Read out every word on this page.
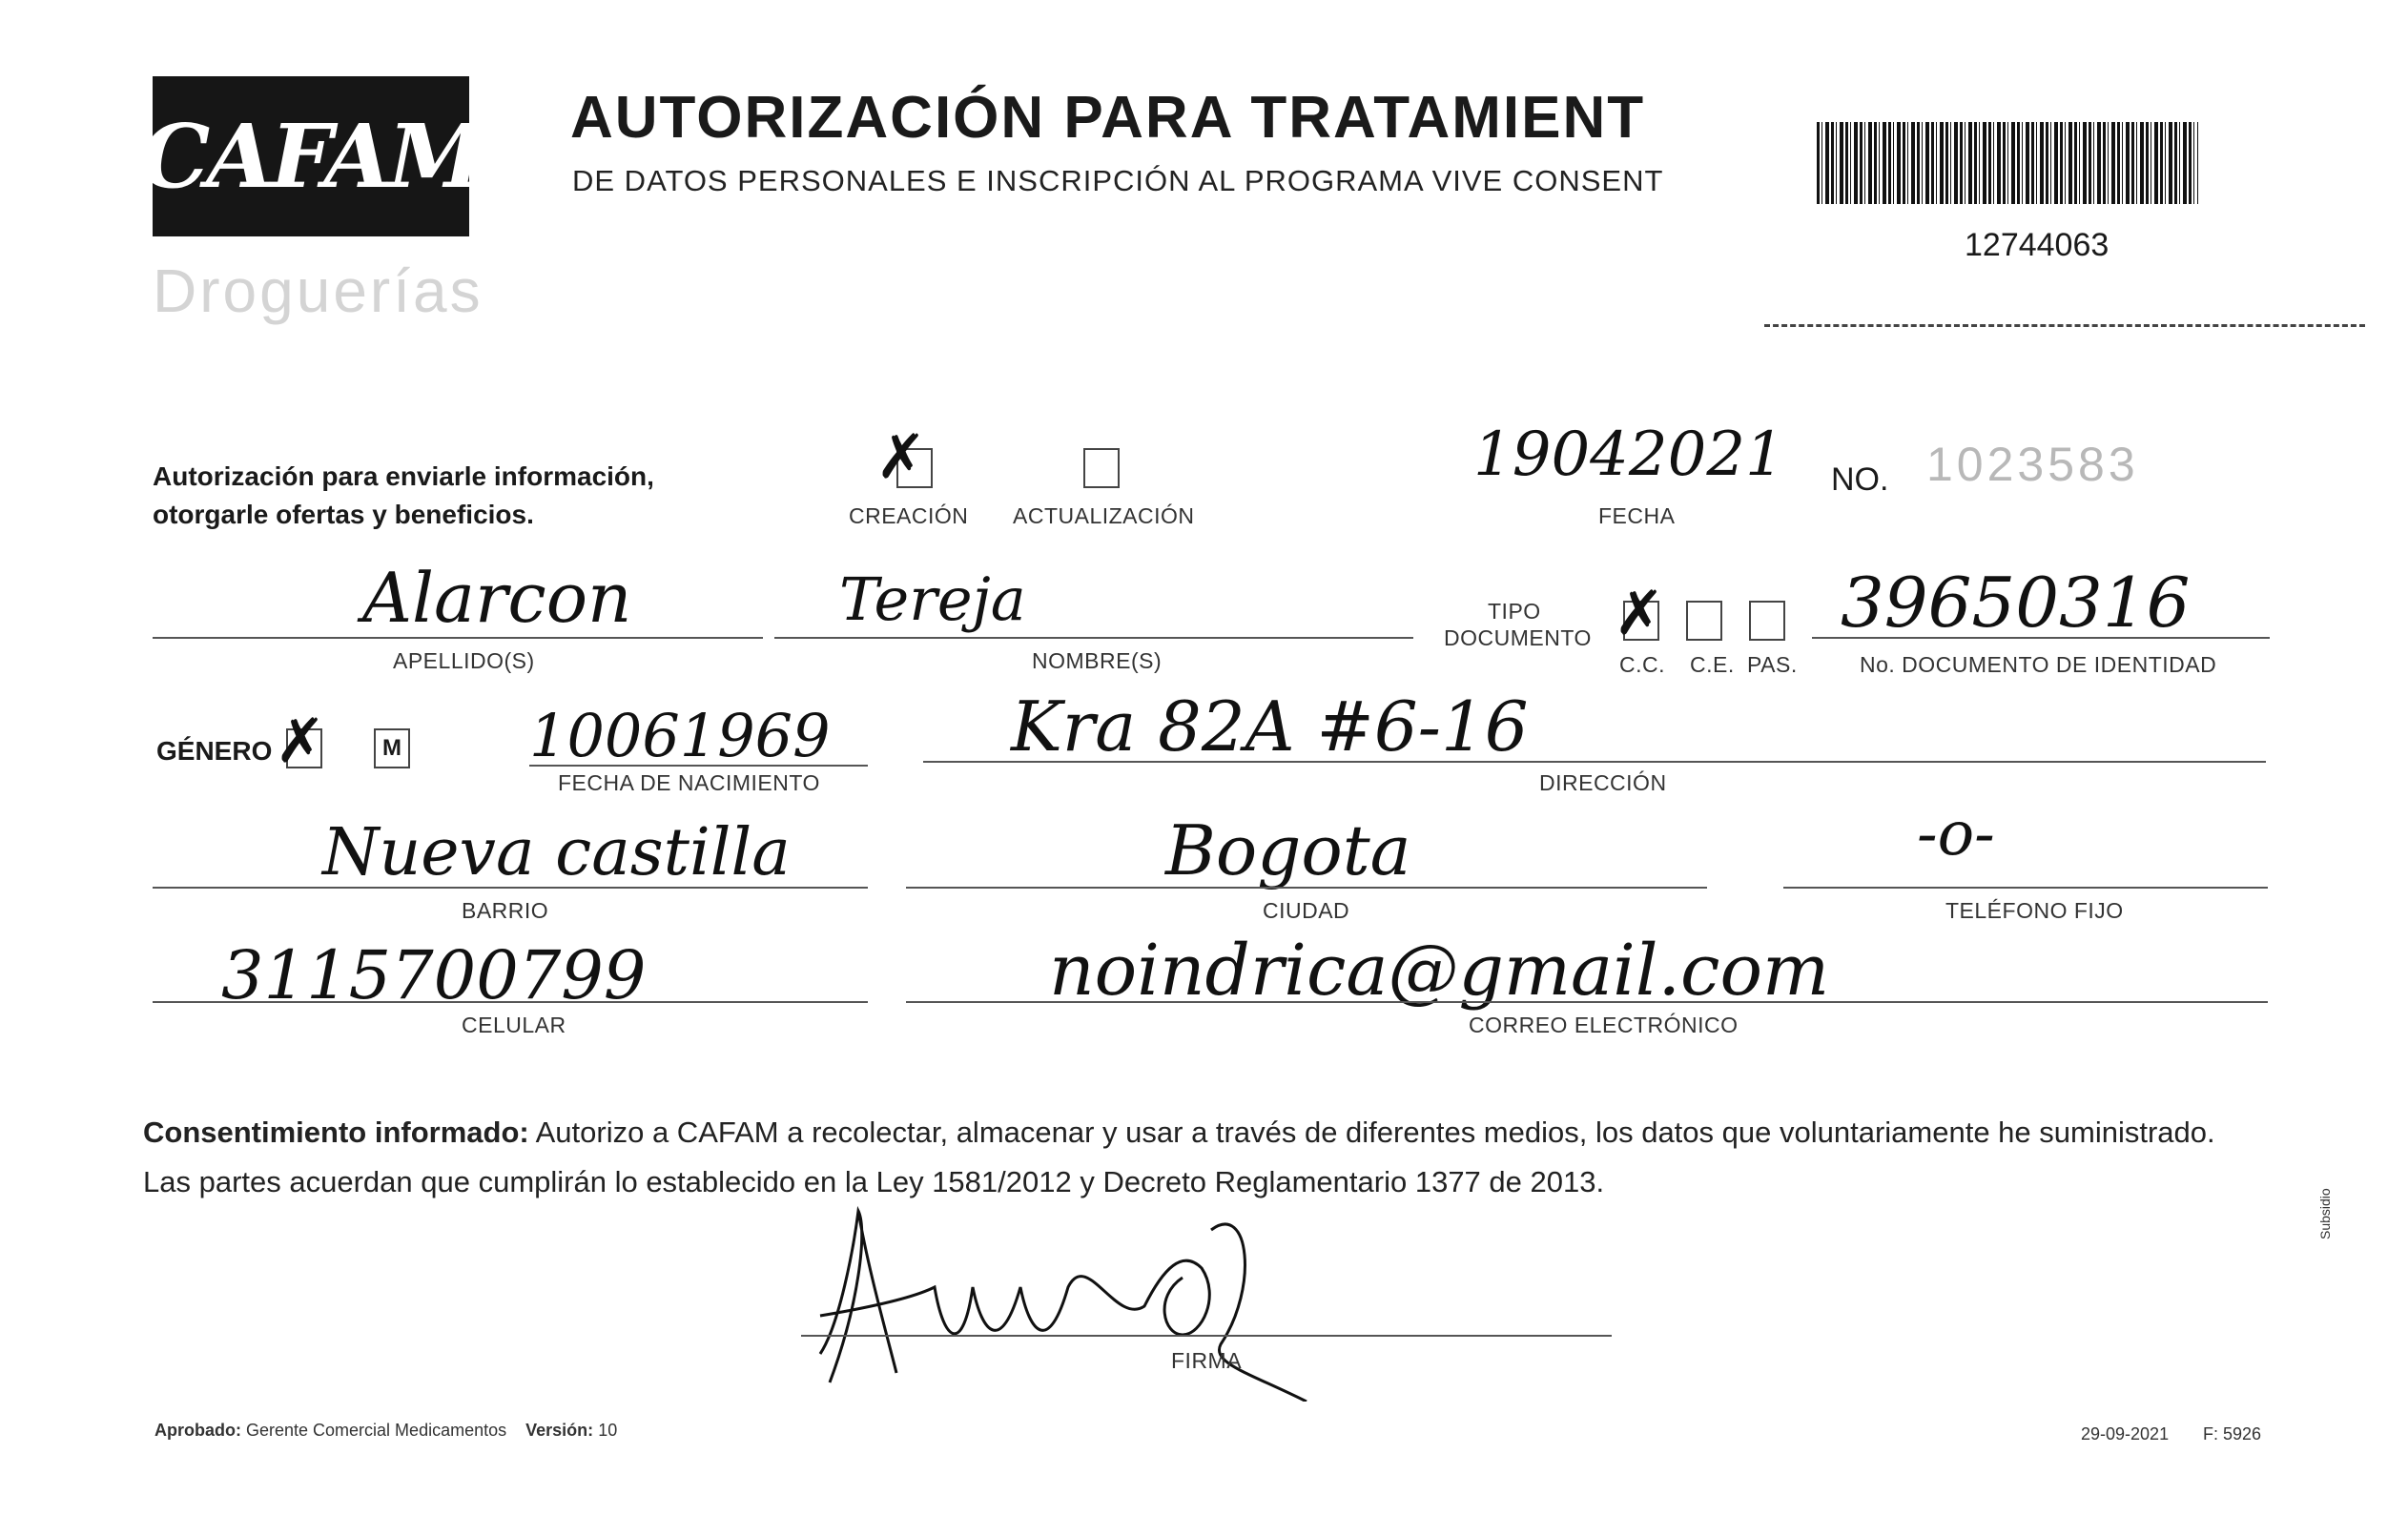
CAFAM
Droguerías
AUTORIZACIÓN PARA TRATAMIENT
DE DATOS PERSONALES E INSCRIPCIÓN AL PROGRAMA VIVE CONSENT
12744063
Autorización para enviarle información,
otorgarle ofertas y beneficios.
✗
CREACIÓN ACTUALIZACIÓN
19042021
FECHA
NO. 1023583
Alarcon
APELLIDO(S)
Tereja
NOMBRE(S)
TIPO
DOCUMENTO ✗
C.C. C.E. PAS.
39650316
No. DOCUMENTO DE IDENTIDAD
GÉNERO ✗	M 10061969
FECHA DE NACIMIENTO
Kra 82A #6-16
DIRECCIÓN
Nueva castilla
BARRIO
Bogota
CIUDAD
-o-
TELÉFONO FIJO
3115700799
CELULAR
noindrica@gmail.com
CORREO ELECTRÓNICO
Consentimiento informado: Autorizo a CAFAM a recolectar, almacenar y usar a través de diferentes medios, los datos que voluntariamente he suministrado.
Las partes acuerdan que cumplirán lo establecido en la Ley 1581/2012 y Decreto Reglamentario 1377 de 2013.
FIRMA
Aprobado: Gerente Comercial Medicamentos Versión: 10	29-09-2021 F: 5926
Subsidio
